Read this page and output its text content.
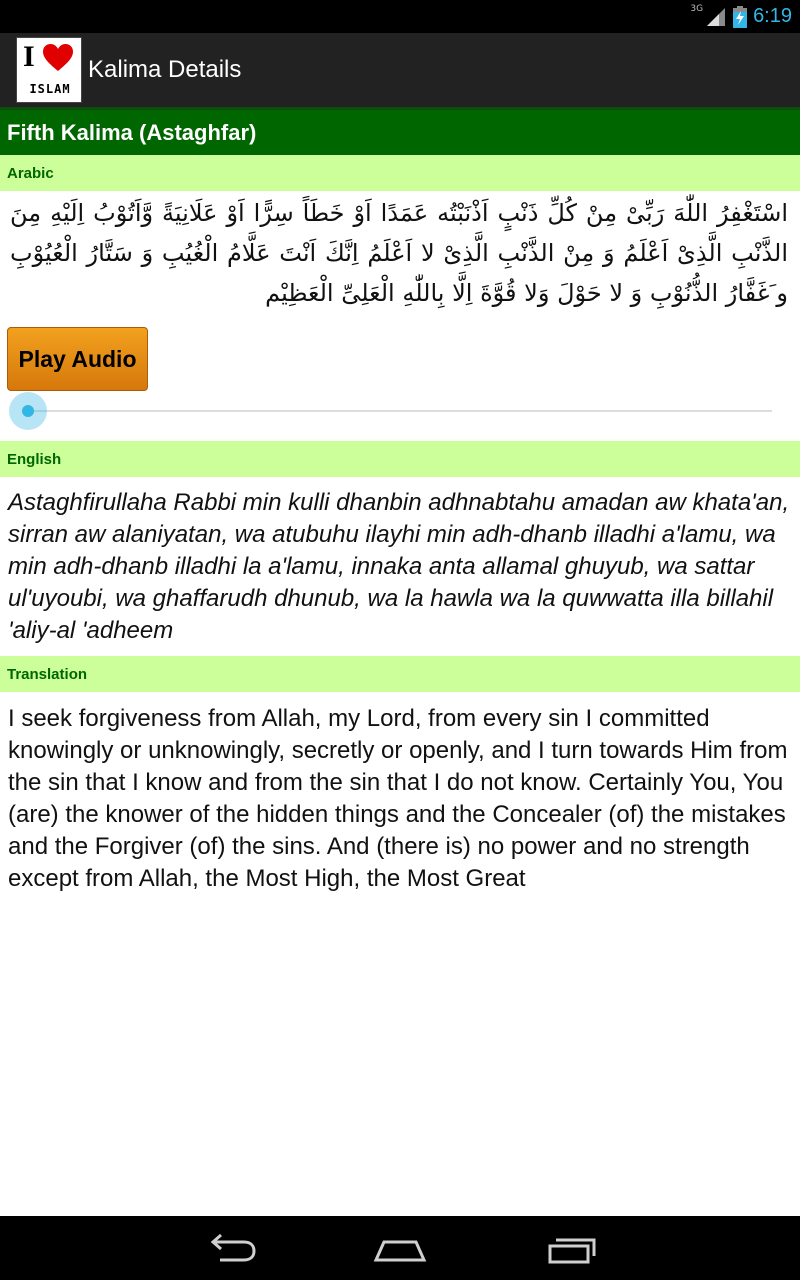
3G	6:19
I
ISLAM
Kalima Details
Fifth Kalima (Astaghfar)
Arabic
اسْتَغْفِرُ اللّٰهَ رَبِّىْ مِنْ كُلِّ ذَنْبٍ اَذْنَبْتُه عَمَدًا اَوْ خَطَاً سِرًّا اَوْ عَلَانِيَةً وَّاَتُوْبُ اِلَيْهِ مِنَ الذَّنْبِ الَّذِىْ اَعْلَمُ وَ مِنْ الذَّنْبِ الَّذِىْ لا اَعْلَمُ اِنَّكَ اَنْتَ عَلَّامُ الْغُيُبِ وَ سَتَّارُ الْعُيُوْبِ و َغَفَّارُ الذُّنُوْبِ وَ لا حَوْلَ وَلا قُوَّةَ اِلَّا بِاللّٰهِ الْعَلِىِّ الْعَظِيْم
Play Audio
English
Astaghfirullaha Rabbi min kulli dhanbin adhnabtahu amadan aw khata'an, sirran aw alaniyatan, wa atubuhu ilayhi min adh-dhanb illadhi a'lamu, wa min adh-dhanb illadhi la a'lamu, innaka anta allamal ghuyub, wa sattar ul'uyoubi, wa ghaffarudh dhunub, wa la hawla wa la quwwatta illa billahil 'aliy-al 'adheem
Translation
I seek forgiveness from Allah, my Lord, from every sin I committed knowingly or unknowingly, secretly or openly, and I turn towards Him from the sin that I know and from the sin that I do not know. Certainly You, You (are) the knower of the hidden things and the Concealer (of) the mistakes and the Forgiver (of) the sins. And (there is) no power and no strength except from Allah, the Most High, the Most Great
